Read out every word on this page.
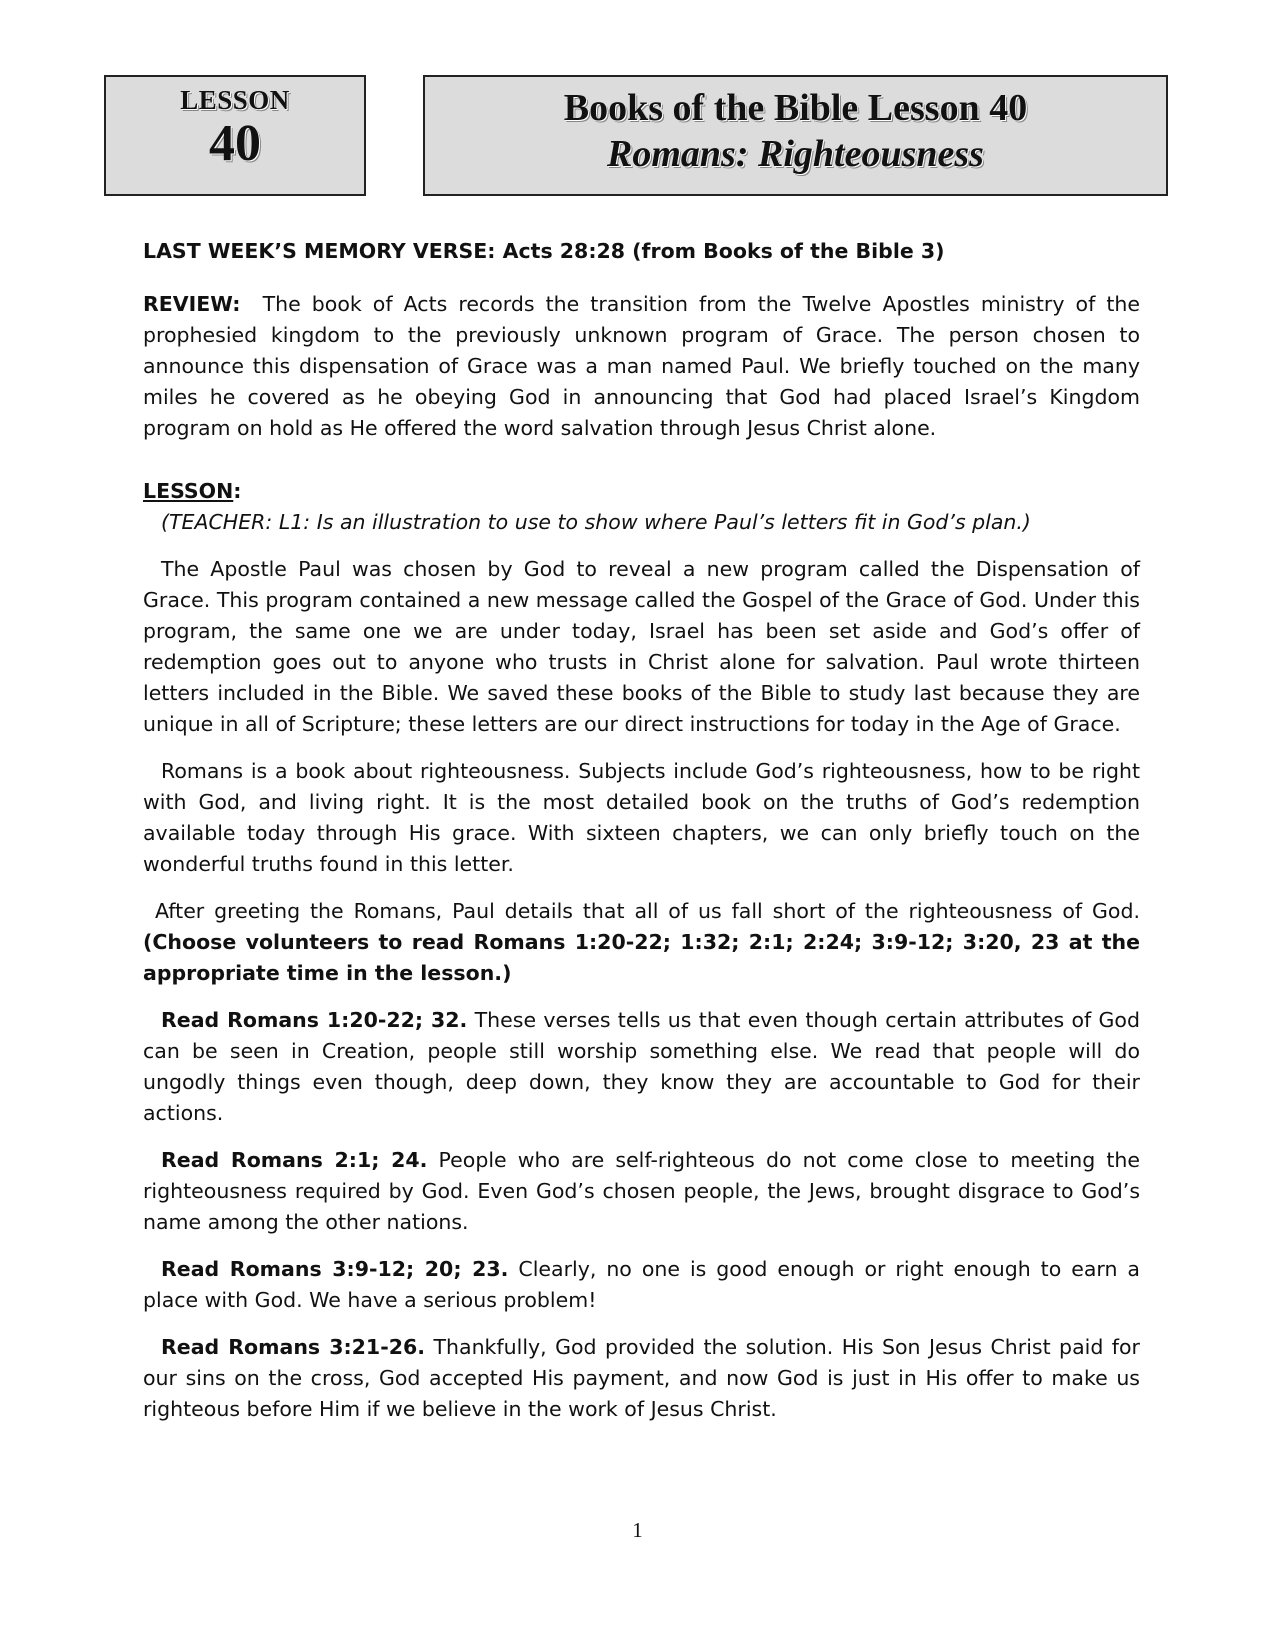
LESSON
40
Books of the Bible Lesson 40
Romans: Righteousness

LAST WEEK’S MEMORY VERSE: Acts 28:28 (from Books of the Bible 3)

REVIEW: The book of Acts records the transition from the Twelve Apostles ministry of the prophesied kingdom to the previously unknown program of Grace. The person chosen to announce this dispensation of Grace was a man named Paul. We briefly touched on the many miles he covered as he obeying God in announcing that God had placed Israel’s Kingdom program on hold as He offered the word salvation through Jesus Christ alone.

LESSON:

(TEACHER: L1: Is an illustration to use to show where Paul’s letters fit in God’s plan.)

The Apostle Paul was chosen by God to reveal a new program called the Dispensation of Grace. This program contained a new message called the Gospel of the Grace of God. Under this program, the same one we are under today, Israel has been set aside and God’s offer of redemption goes out to anyone who trusts in Christ alone for salvation. Paul wrote thirteen letters included in the Bible. We saved these books of the Bible to study last because they are unique in all of Scripture; these letters are our direct instructions for today in the Age of Grace.

Romans is a book about righteousness. Subjects include God’s righteousness, how to be right with God, and living right. It is the most detailed book on the truths of God’s redemption available today through His grace. With sixteen chapters, we can only briefly touch on the wonderful truths found in this letter.

After greeting the Romans, Paul details that all of us fall short of the righteousness of God. (Choose volunteers to read Romans 1:20-22; 1:32; 2:1; 2:24; 3:9-12; 3:20, 23 at the appropriate time in the lesson.)

Read Romans 1:20-22; 32. These verses tells us that even though certain attributes of God can be seen in Creation, people still worship something else. We read that people will do ungodly things even though, deep down, they know they are accountable to God for their actions.

Read Romans 2:1; 24. People who are self-righteous do not come close to meeting the righteousness required by God. Even God’s chosen people, the Jews, brought disgrace to God’s name among the other nations.

Read Romans 3:9-12; 20; 23. Clearly, no one is good enough or right enough to earn a place with God. We have a serious problem!

Read Romans 3:21-26. Thankfully, God provided the solution. His Son Jesus Christ paid for our sins on the cross, God accepted His payment, and now God is just in His offer to make us righteous before Him if we believe in the work of Jesus Christ.

1
